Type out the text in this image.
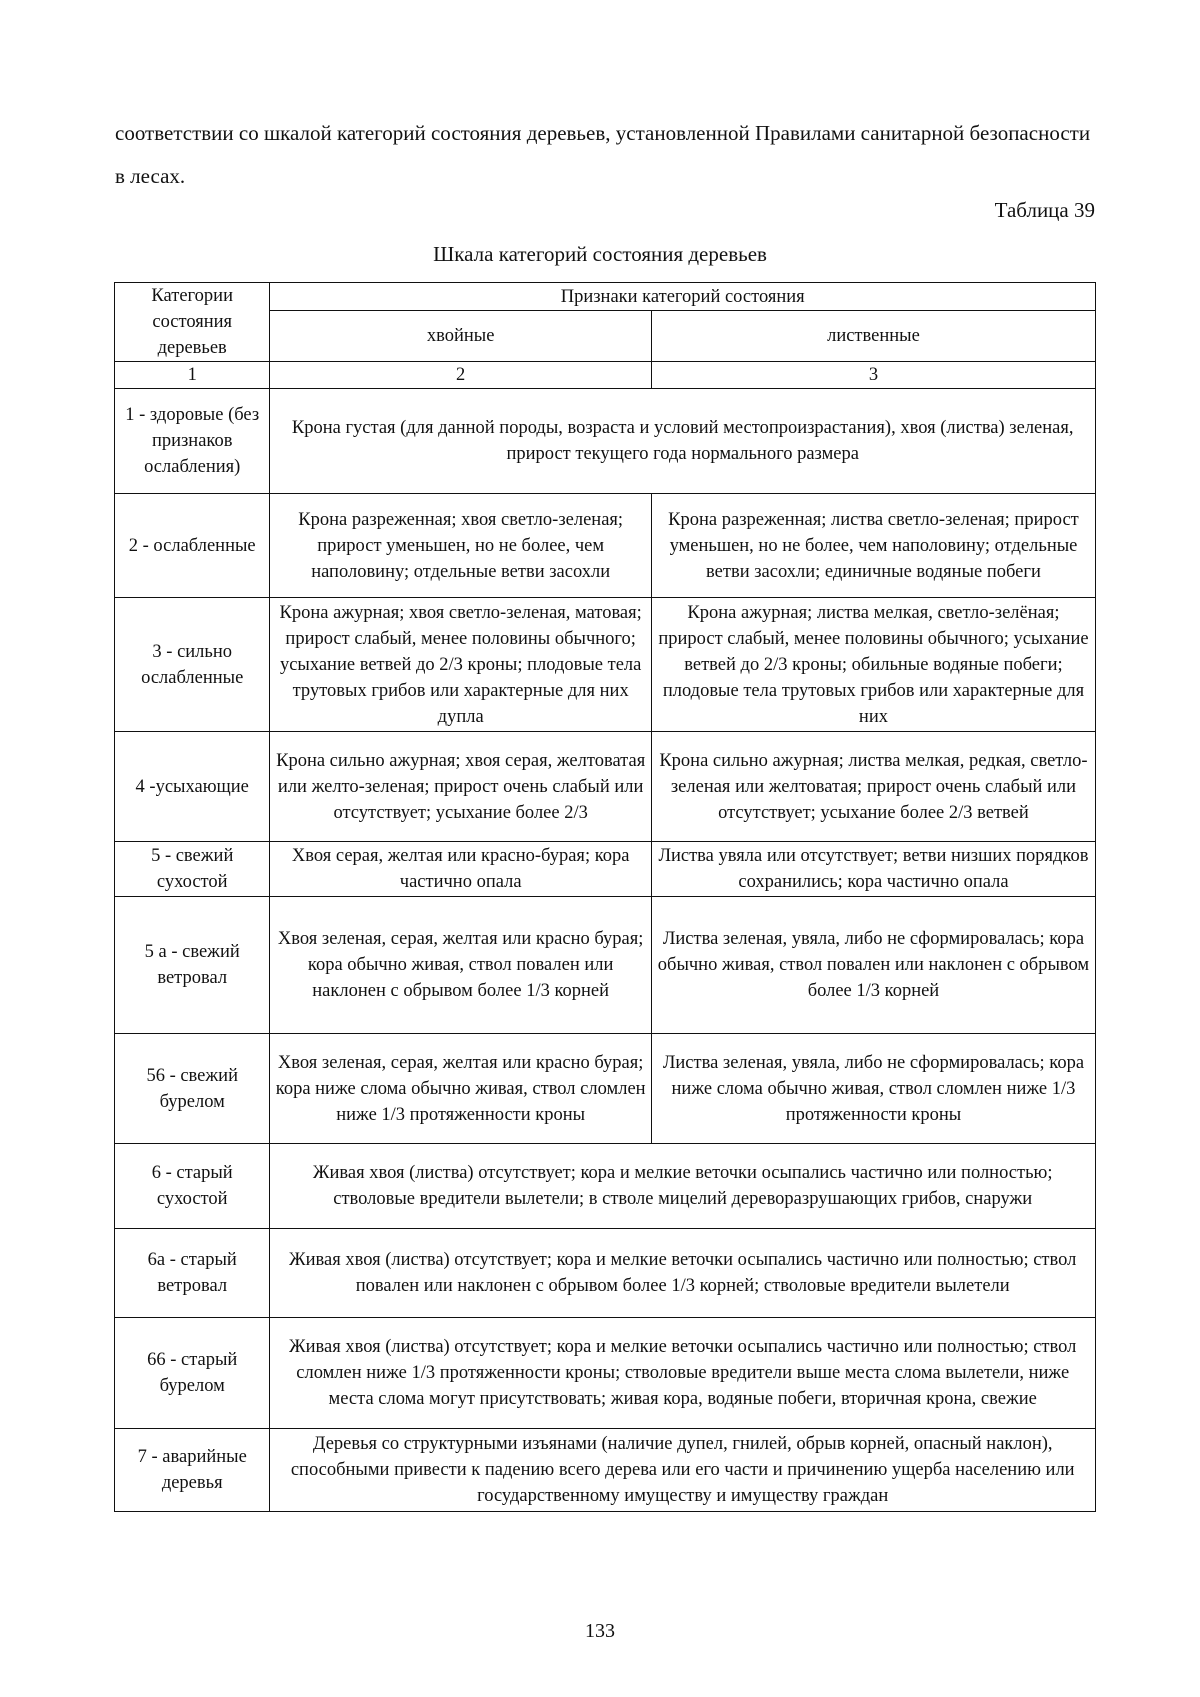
соответствии со шкалой категорий состояния деревьев, установленной Правилами санитарной безопасности в лесах.

Таблица 39
Шкала категорий состояния деревьев
Категории состояния деревьев	Признаки категорий состояния	
	хвойные	лиственные
1	2	3
1 - здоровые (без признаков ослабления)	Крона густая (для данной породы, возраста и условий местопроизрастания), хвоя (листва) зеленая, прирост текущего года нормального размера	
2 - ослабленные	Крона разреженная; хвоя светло-зеленая; прирост уменьшен, но не более, чем наполовину; отдельные ветви засохли	Крона разреженная; листва светло-зеленая; прирост уменьшен, но не более, чем наполовину; отдельные ветви засохли; единичные водяные побеги
3 - сильно ослабленные	Крона ажурная; хвоя светло-зеленая, матовая; прирост слабый, менее половины обычного; усыхание ветвей до 2/3 кроны; плодовые тела трутовых грибов или характерные для них дупла	Крона ажурная; листва мелкая, светло-зелёная; прирост слабый, менее половины обычного; усыхание ветвей до 2/3 кроны; обильные водяные побеги; плодовые тела трутовых грибов или характерные для них
4 -усыхающие	Крона сильно ажурная; хвоя серая, желтоватая или желто-зеленая; прирост очень слабый или отсутствует; усыхание более 2/3	Крона сильно ажурная; листва мелкая, редкая, светло-зеленая или желтоватая; прирост очень слабый или отсутствует; усыхание более 2/3 ветвей
5 - свежий сухостой	Хвоя серая, желтая или красно-бурая; кора частично опала	Листва увяла или отсутствует; ветви низших порядков сохранились; кора частично опала
5 а - свежий ветровал	Хвоя зеленая, серая, желтая или красно бурая; кора обычно живая, ствол повален или наклонен с обрывом более 1/3 корней	Листва зеленая, увяла, либо не сформировалась; кора обычно живая, ствол повален или наклонен с обрывом более 1/3 корней
56 - свежий бурелом	Хвоя зеленая, серая, желтая или красно бурая; кора ниже слома обычно живая, ствол сломлен ниже 1/3 протяженности кроны	Листва зеленая, увяла, либо не сформировалась; кора ниже слома обычно живая, ствол сломлен ниже 1/3 протяженности кроны
6 - старый сухостой	Живая хвоя (листва) отсутствует; кора и мелкие веточки осыпались частично или полностью; стволовые вредители вылетели; в стволе мицелий дереворазрушающих грибов, снаружи	
6а - старый ветровал	Живая хвоя (листва) отсутствует; кора и мелкие веточки осыпались частично или полностью; ствол повален или наклонен с обрывом более 1/3 корней; стволовые вредители вылетели	
66 - старый бурелом	Живая хвоя (листва) отсутствует; кора и мелкие веточки осыпались частично или полностью; ствол сломлен ниже 1/3 протяженности кроны; стволовые вредители выше места слома вылетели, ниже места слома могут присутствовать; живая кора, водяные побеги, вторичная крона, свежие	
7 - аварийные деревья	Деревья со структурными изъянами (наличие дупел, гнилей, обрыв корней, опасный наклон), способными привести к падению всего дерева или его части и причинению ущерба населению или государственному имуществу и имуществу граждан	
133
